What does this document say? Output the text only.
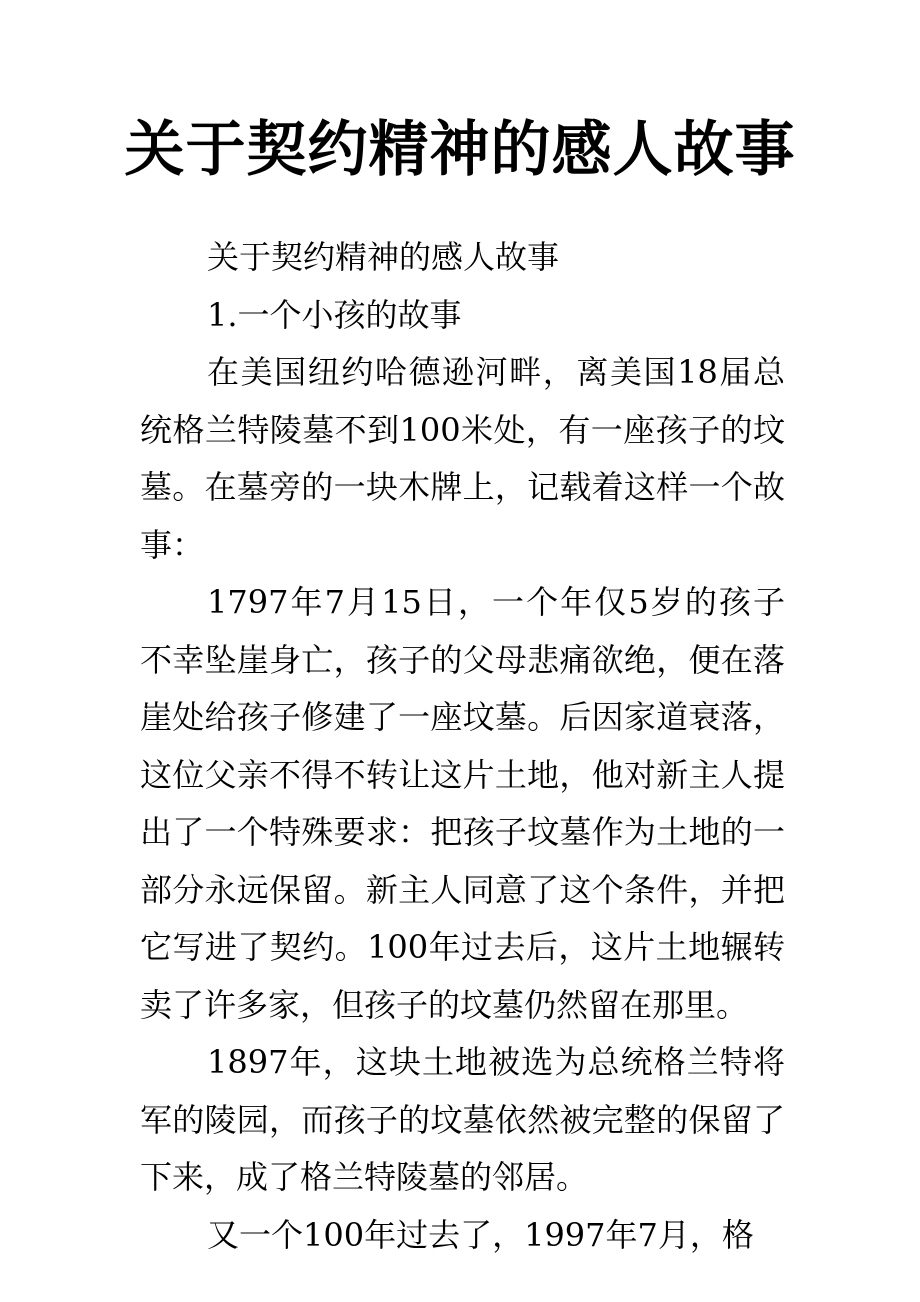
关于契约精神的感人故事

关于契约精神的感人故事

1.一个小孩的故事

在美国纽约哈德逊河畔，离美国18届总统格兰特陵墓不到100米处，有一座孩子的坟墓。在墓旁的一块木牌上，记载着这样一个故事：

1797年7月15日，一个年仅5岁的孩子不幸坠崖身亡，孩子的父母悲痛欲绝，便在落崖处给孩子修建了一座坟墓。后因家道衰落，这位父亲不得不转让这片土地，他对新主人提出了一个特殊要求：把孩子坟墓作为土地的一部分永远保留。新主人同意了这个条件，并把它写进了契约。100年过去后，这片土地辗转卖了许多家，但孩子的坟墓仍然留在那里。

1897年，这块土地被选为总统格兰特将军的陵园，而孩子的坟墓依然被完整的保留了下来，成了格兰特陵墓的邻居。

又一个100年过去了，1997年7月，格
